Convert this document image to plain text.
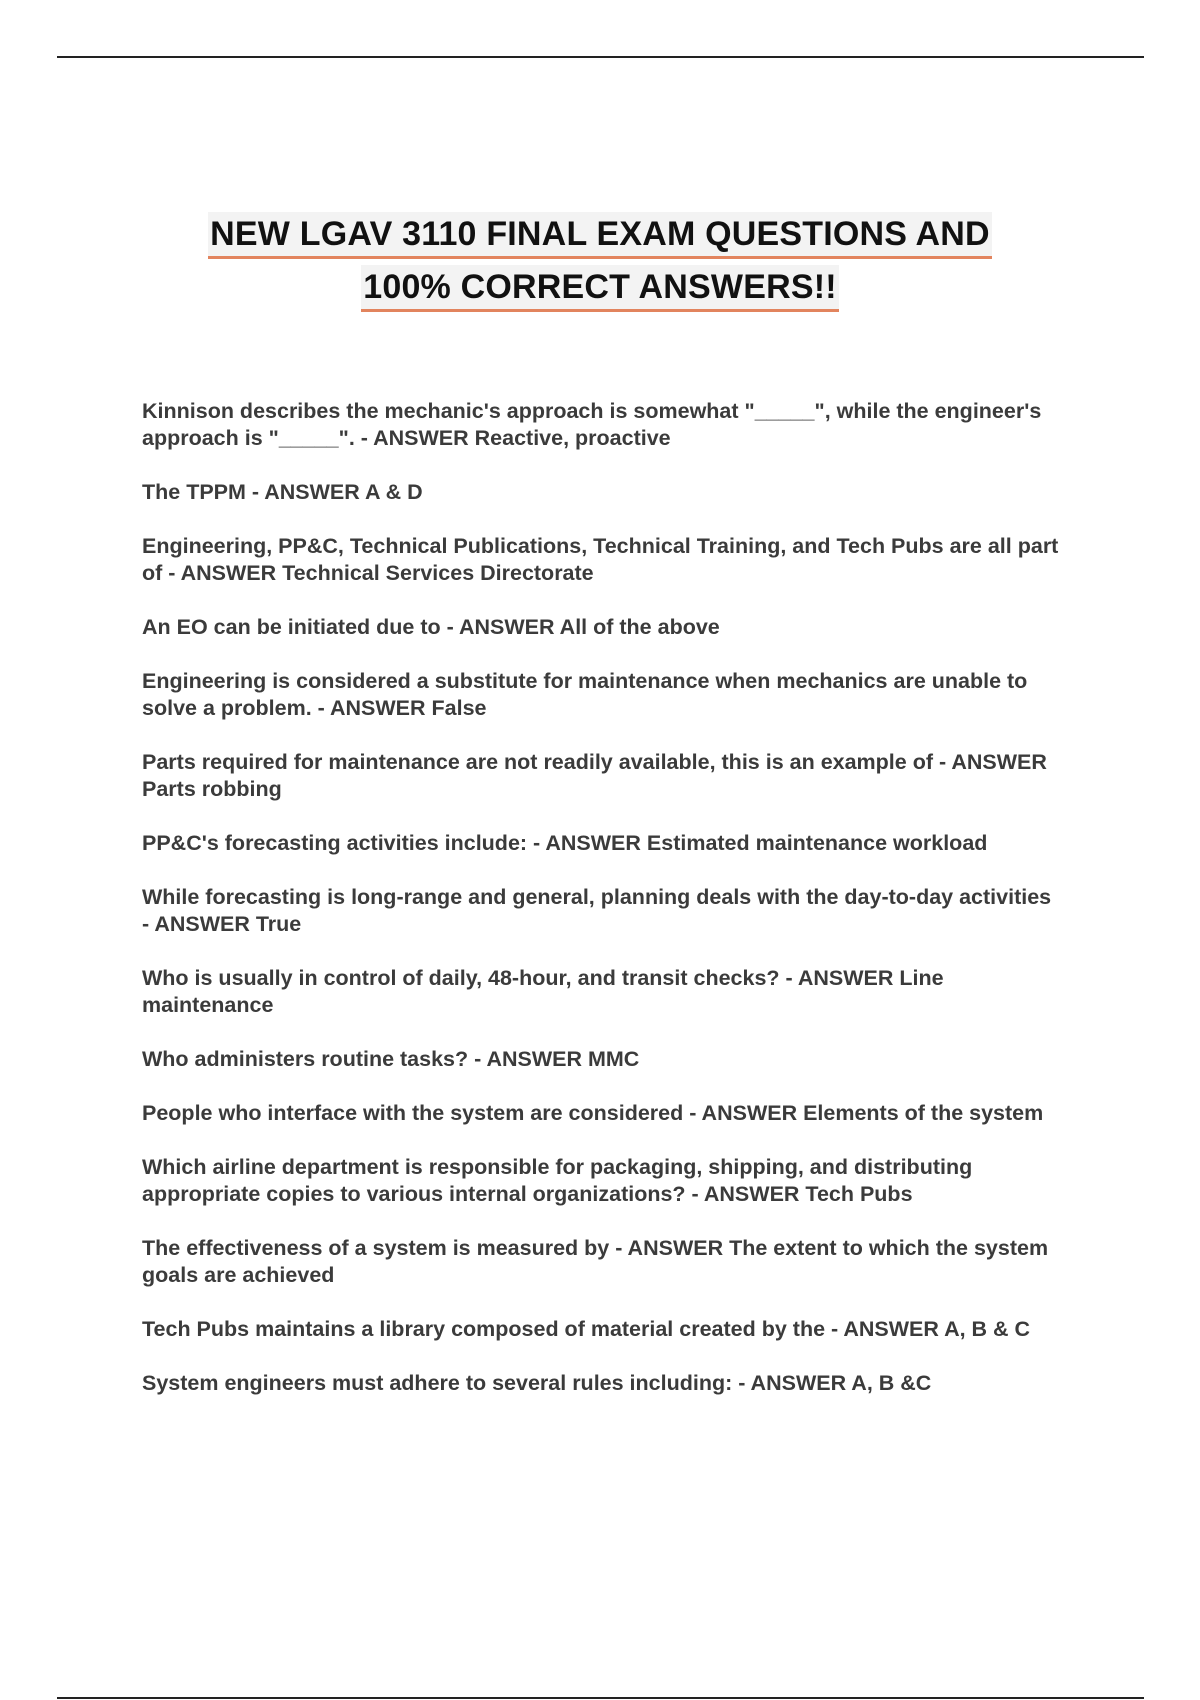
NEW LGAV 3110 FINAL EXAM QUESTIONS AND
100% CORRECT ANSWERS!!
Kinnison describes the mechanic's approach is somewhat "_____", while the engineer's approach is "_____". - ANSWER Reactive, proactive
The TPPM - ANSWER A & D
Engineering, PP&C, Technical Publications, Technical Training, and Tech Pubs are all part of - ANSWER Technical Services Directorate
An EO can be initiated due to - ANSWER All of the above
Engineering is considered a substitute for maintenance when mechanics are unable to solve a problem. - ANSWER False
Parts required for maintenance are not readily available, this is an example of - ANSWER Parts robbing
PP&C's forecasting activities include: - ANSWER Estimated maintenance workload
While forecasting is long-range and general, planning deals with the day-to-day activities - ANSWER True
Who is usually in control of daily, 48-hour, and transit checks? - ANSWER Line maintenance
Who administers routine tasks? - ANSWER MMC
People who interface with the system are considered - ANSWER Elements of the system
Which airline department is responsible for packaging, shipping, and distributing appropriate copies to various internal organizations? - ANSWER Tech Pubs
The effectiveness of a system is measured by - ANSWER The extent to which the system goals are achieved
Tech Pubs maintains a library composed of material created by the - ANSWER A, B & C
System engineers must adhere to several rules including: - ANSWER A, B &C
